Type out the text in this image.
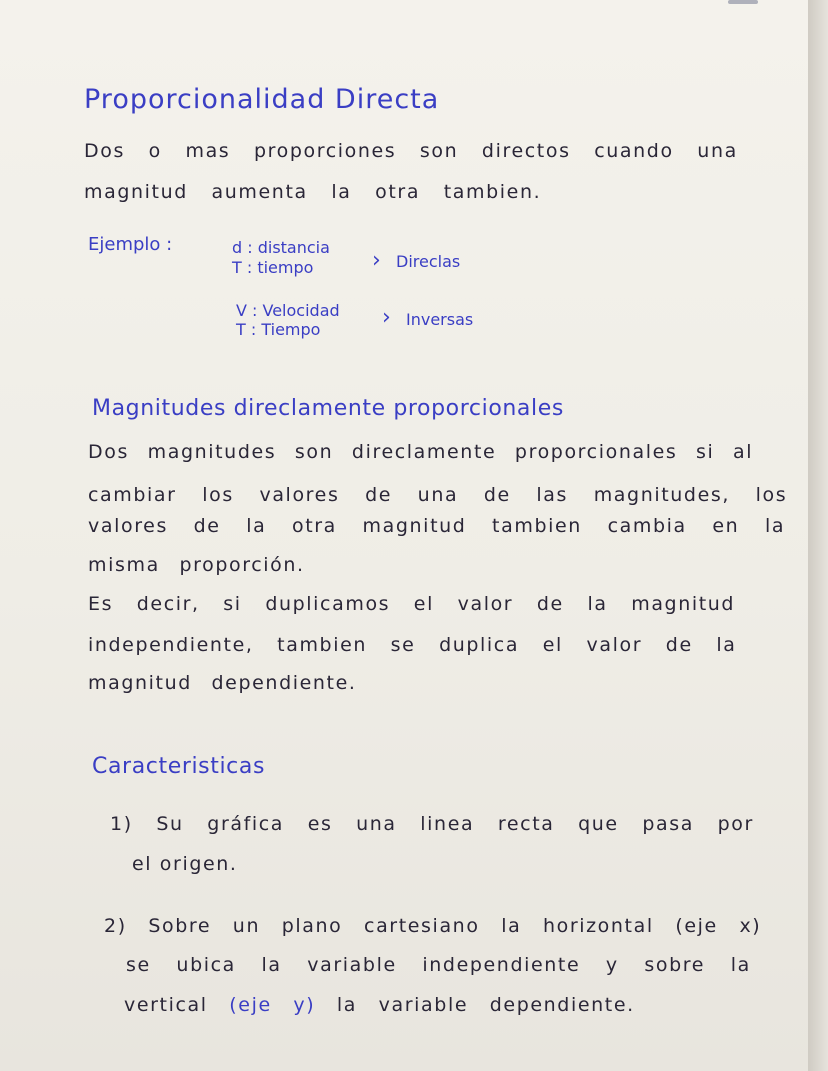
Proporcionalidad Directa

Dos o mas proporciones son directos cuando una

magnitud aumenta la otra tambien.

Ejemplo :	d : distancia

T : tiempo	› Direclas

V : Velocidad

T : Tiempo	› Inversas

Magnitudes direclamente proporcionales

Dos magnitudes son direclamente proporcionales si al

cambiar los valores de una de las magnitudes, los

valores de la otra magnitud tambien cambia en la

misma proporción.

Es decir, si duplicamos el valor de la magnitud

independiente, tambien se duplica el valor de la

magnitud dependiente.

Caracteristicas

1) Su gráfica es una linea recta que pasa por

el origen.

2) Sobre un plano cartesiano la horizontal (eje x)

se ubica la variable independiente y sobre la

vertical (eje y) la variable dependiente.
